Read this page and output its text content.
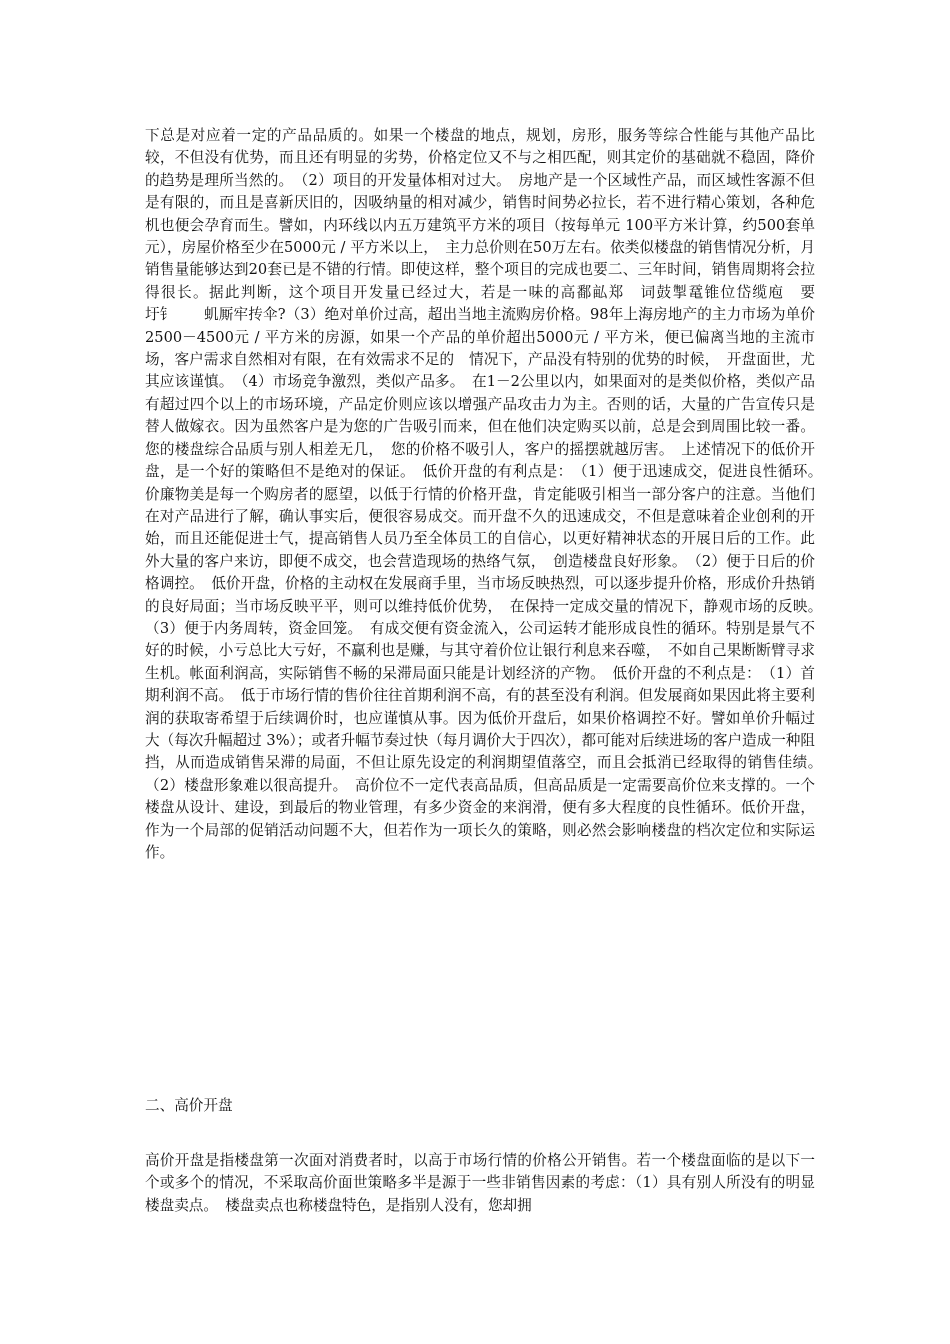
下总是对应着一定的产品品质的。如果一个楼盘的地点，规划，房形，服务等综合性能与其他产品比较，不但没有优势，而且还有明显的劣势，价格定位又不与之相匹配，则其定价的基础就不稳固，降价的趋势是理所当然的。　（2）项目的开发量体相对过大。　房地产是一个区域性产品，而区域性客源不但是有限的，而且是喜新厌旧的，因吸纳量的相对减少，销售时间势必拉长，若不进行精心策划，各种危机也便会孕育而生。譬如，内环线以内五万建筑平方米的项目（按每单元 100平方米计算，约500套单元），房屋价格至少在5000元 / 平方米以上，　主力总价则在50万左右。依类似楼盘的销售情况分析，月销售量能够达到20套已是不错的行情。即使这样，整个项目的完成也要二、三年时间，销售周期将会拉得很长。据此判断，这个项目开发量已经过大，若是一味的高鄱畆郑　词鼓掣鼋锥位岱缆庖　要　　　圩钅　　虮厮牢抟伞?（3）绝对单价过高，超出当地主流购房价格。98年上海房地产的主力市场为单价2500－4500元 / 平方米的房源，如果一个产品的单价超出5000元 / 平方米，便已偏离当地的主流市场，客户需求自然相对有限，在有效需求不足的　情况下，产品没有特别的优势的时候，　开盘面世，尤其应该谨慎。　（4）市场竞争激烈，类似产品多。　在1－2公里以内，如果面对的是类似价格，类似产品有超过四个以上的市场环境，产品定价则应该以增强产品攻击力为主。否则的话，大量的广告宣传只是替人做嫁衣。因为虽然客户是为您的广告吸引而来，但在他们决定购买以前，总是会到周围比较一番。您的楼盘综合品质与别人相差无几，　您的价格不吸引人，客户的摇摆就越厉害。　上述情况下的低价开盘，是一个好的策略但不是绝对的保证。　低价开盘的有利点是：　（1）便于迅速成交，促进良性循环。　价廉物美是每一个购房者的愿望，以低于行情的价格开盘，肯定能吸引相当一部分客户的注意。当他们在对产品进行了解，确认事实后，便很容易成交。而开盘不久的迅速成交，不但是意味着企业创利的开始，而且还能促进士气，提高销售人员乃至全体员工的自信心，以更好精神状态的开展日后的工作。此外大量的客户来访，即便不成交，也会营造现场的热络气氛，　创造楼盘良好形象。　（2）便于日后的价格调控。　低价开盘，价格的主动权在发展商手里，当市场反映热烈，可以逐步提升价格，形成价升热销的良好局面；当市场反映平平，则可以维持低价优势，　在保持一定成交量的情况下，静观市场的反映。　（3）便于内务周转，资金回笼。　有成交便有资金流入，公司运转才能形成良性的循环。特别是景气不好的时候，小亏总比大亏好，不赢利也是赚，与其守着价位让银行利息来吞噬，　不如自己果断断臂寻求生机。帐面利润高，实际销售不畅的呆滞局面只能是计划经济的产物。　低价开盘的不利点是：　（1）首期利润不高。　低于市场行情的售价往往首期利润不高，有的甚至没有利润。但发展商如果因此将主要利润的获取寄希望于后续调价时，也应谨慎从事。因为低价开盘后，如果价格调控不好。譬如单价升幅过大（每次升幅超过 3%）；或者升幅节奏过快（每月调价大于四次），都可能对后续进场的客户造成一种阻挡，从而造成销售呆滞的局面，不但让原先设定的利润期望值落空，而且会抵消已经取得的销售佳绩。　（2）楼盘形象难以很高提升。　高价位不一定代表高品质，但高品质是一定需要高价位来支撑的。一个楼盘从设计、建设，到最后的物业管理，有多少资金的来润滑，便有多大程度的良性循环。低价开盘，作为一个局部的促销活动问题不大，但若作为一项长久的策略，则必然会影响楼盘的档次定位和实际运作。
二、高价开盘
高价开盘是指楼盘第一次面对消费者时，以高于市场行情的价格公开销售。若一个楼盘面临的是以下一个或多个的情况，不采取高价面世策略多半是源于一些非销售因素的考虑：（1）具有别人所没有的明显楼盘卖点。　楼盘卖点也称楼盘特色，是指别人没有，您却拥
